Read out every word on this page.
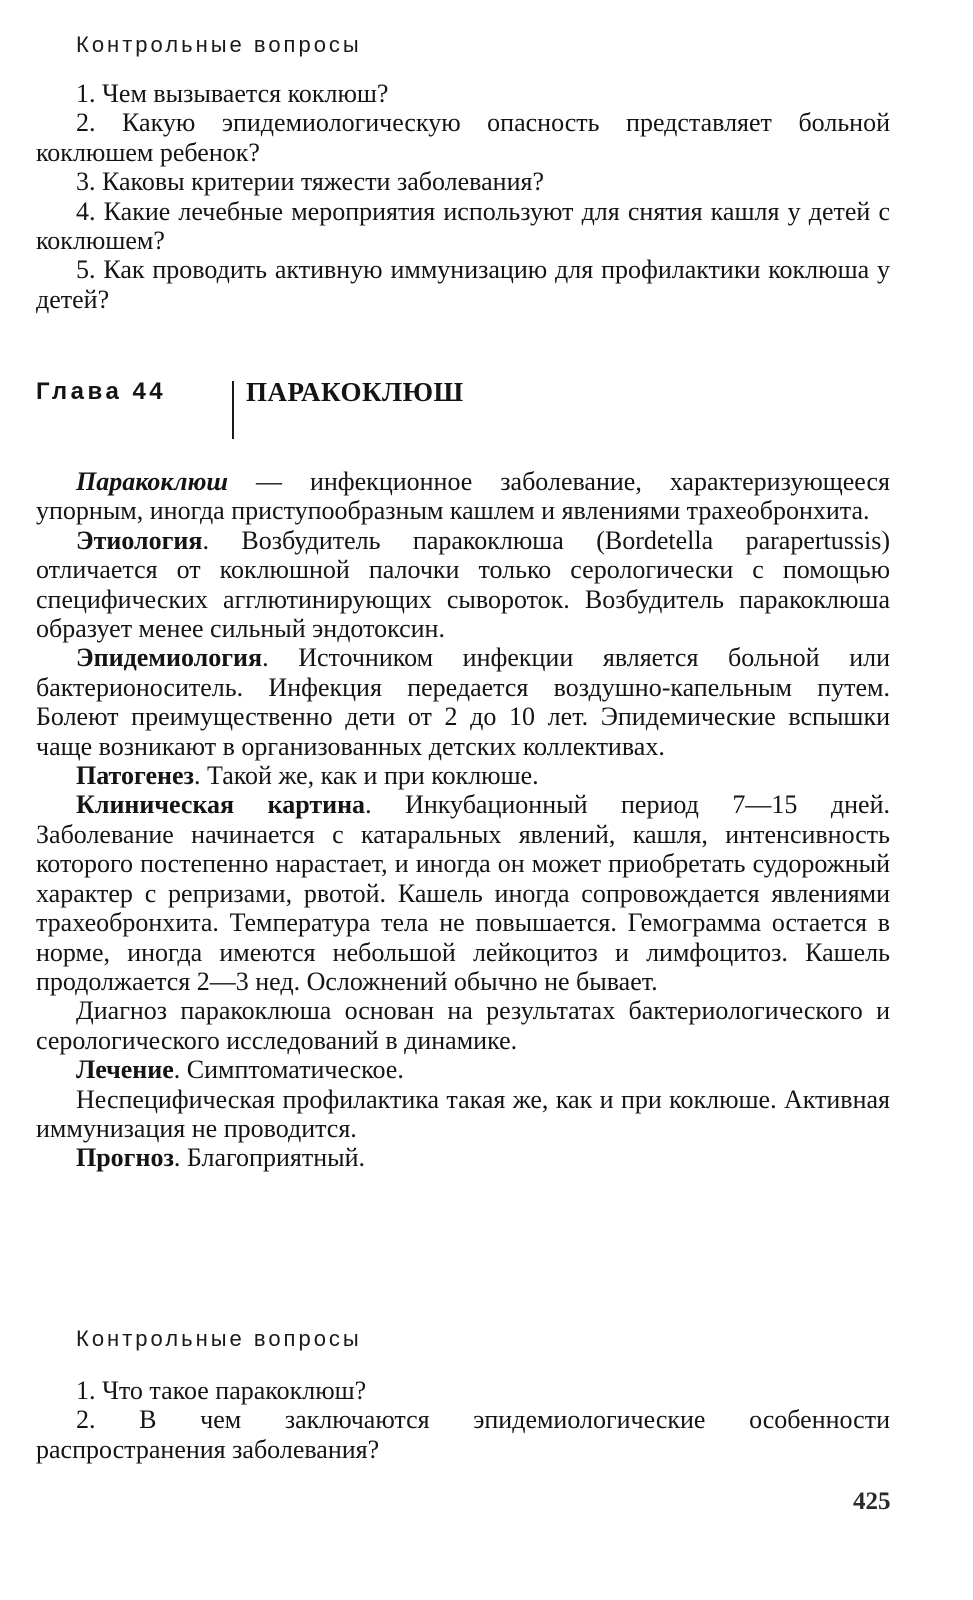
Контрольные вопросы

1. Чем вызывается коклюш?

2. Какую эпидемиологическую опасность представляет больной коклюшем ребенок?

3. Каковы критерии тяжести заболевания?

4. Какие лечебные мероприятия используют для снятия кашля у детей с коклюшем?

5. Как проводить активную иммунизацию для профилактики коклюша у детей?

Глава 44	ПАРАКОКЛЮШ

Паракоклюш — инфекционное заболевание, характеризующееся упорным, иногда приступообразным кашлем и явлениями трахеобронхита.

Этиология. Возбудитель паракоклюша (Bordetella parapertussis) отличается от коклюшной палочки только серологически с помощью специфических агглютинирующих сывороток. Возбудитель паракоклюша образует менее сильный эндотоксин.

Эпидемиология. Источником инфекции является больной или бактерионоситель. Инфекция передается воздушно-капельным путем. Болеют преимущественно дети от 2 до 10 лет. Эпидемические вспышки чаще возникают в организованных детских коллективах.

Патогенез. Такой же, как и при коклюше.

Клиническая картина. Инкубационный период 7—15 дней. Заболевание начинается с катаральных явлений, кашля, интенсивность которого постепенно нарастает, и иногда он может приобретать судорожный характер с репризами, рвотой. Кашель иногда сопровождается явлениями трахеобронхита. Температура тела не повышается. Гемограмма остается в норме, иногда имеются небольшой лейкоцитоз и лимфоцитоз. Кашель продолжается 2—3 нед. Осложнений обычно не бывает.

Диагноз паракоклюша основан на результатах бактериологического и серологического исследований в динамике.

Лечение. Симптоматическое.

Неспецифическая профилактика такая же, как и при коклюше. Активная иммунизация не проводится.

Прогноз. Благоприятный.

Контрольные вопросы

1. Что такое паракоклюш?

2. В чем заключаются эпидемиологические особенности распространения заболевания?

425
